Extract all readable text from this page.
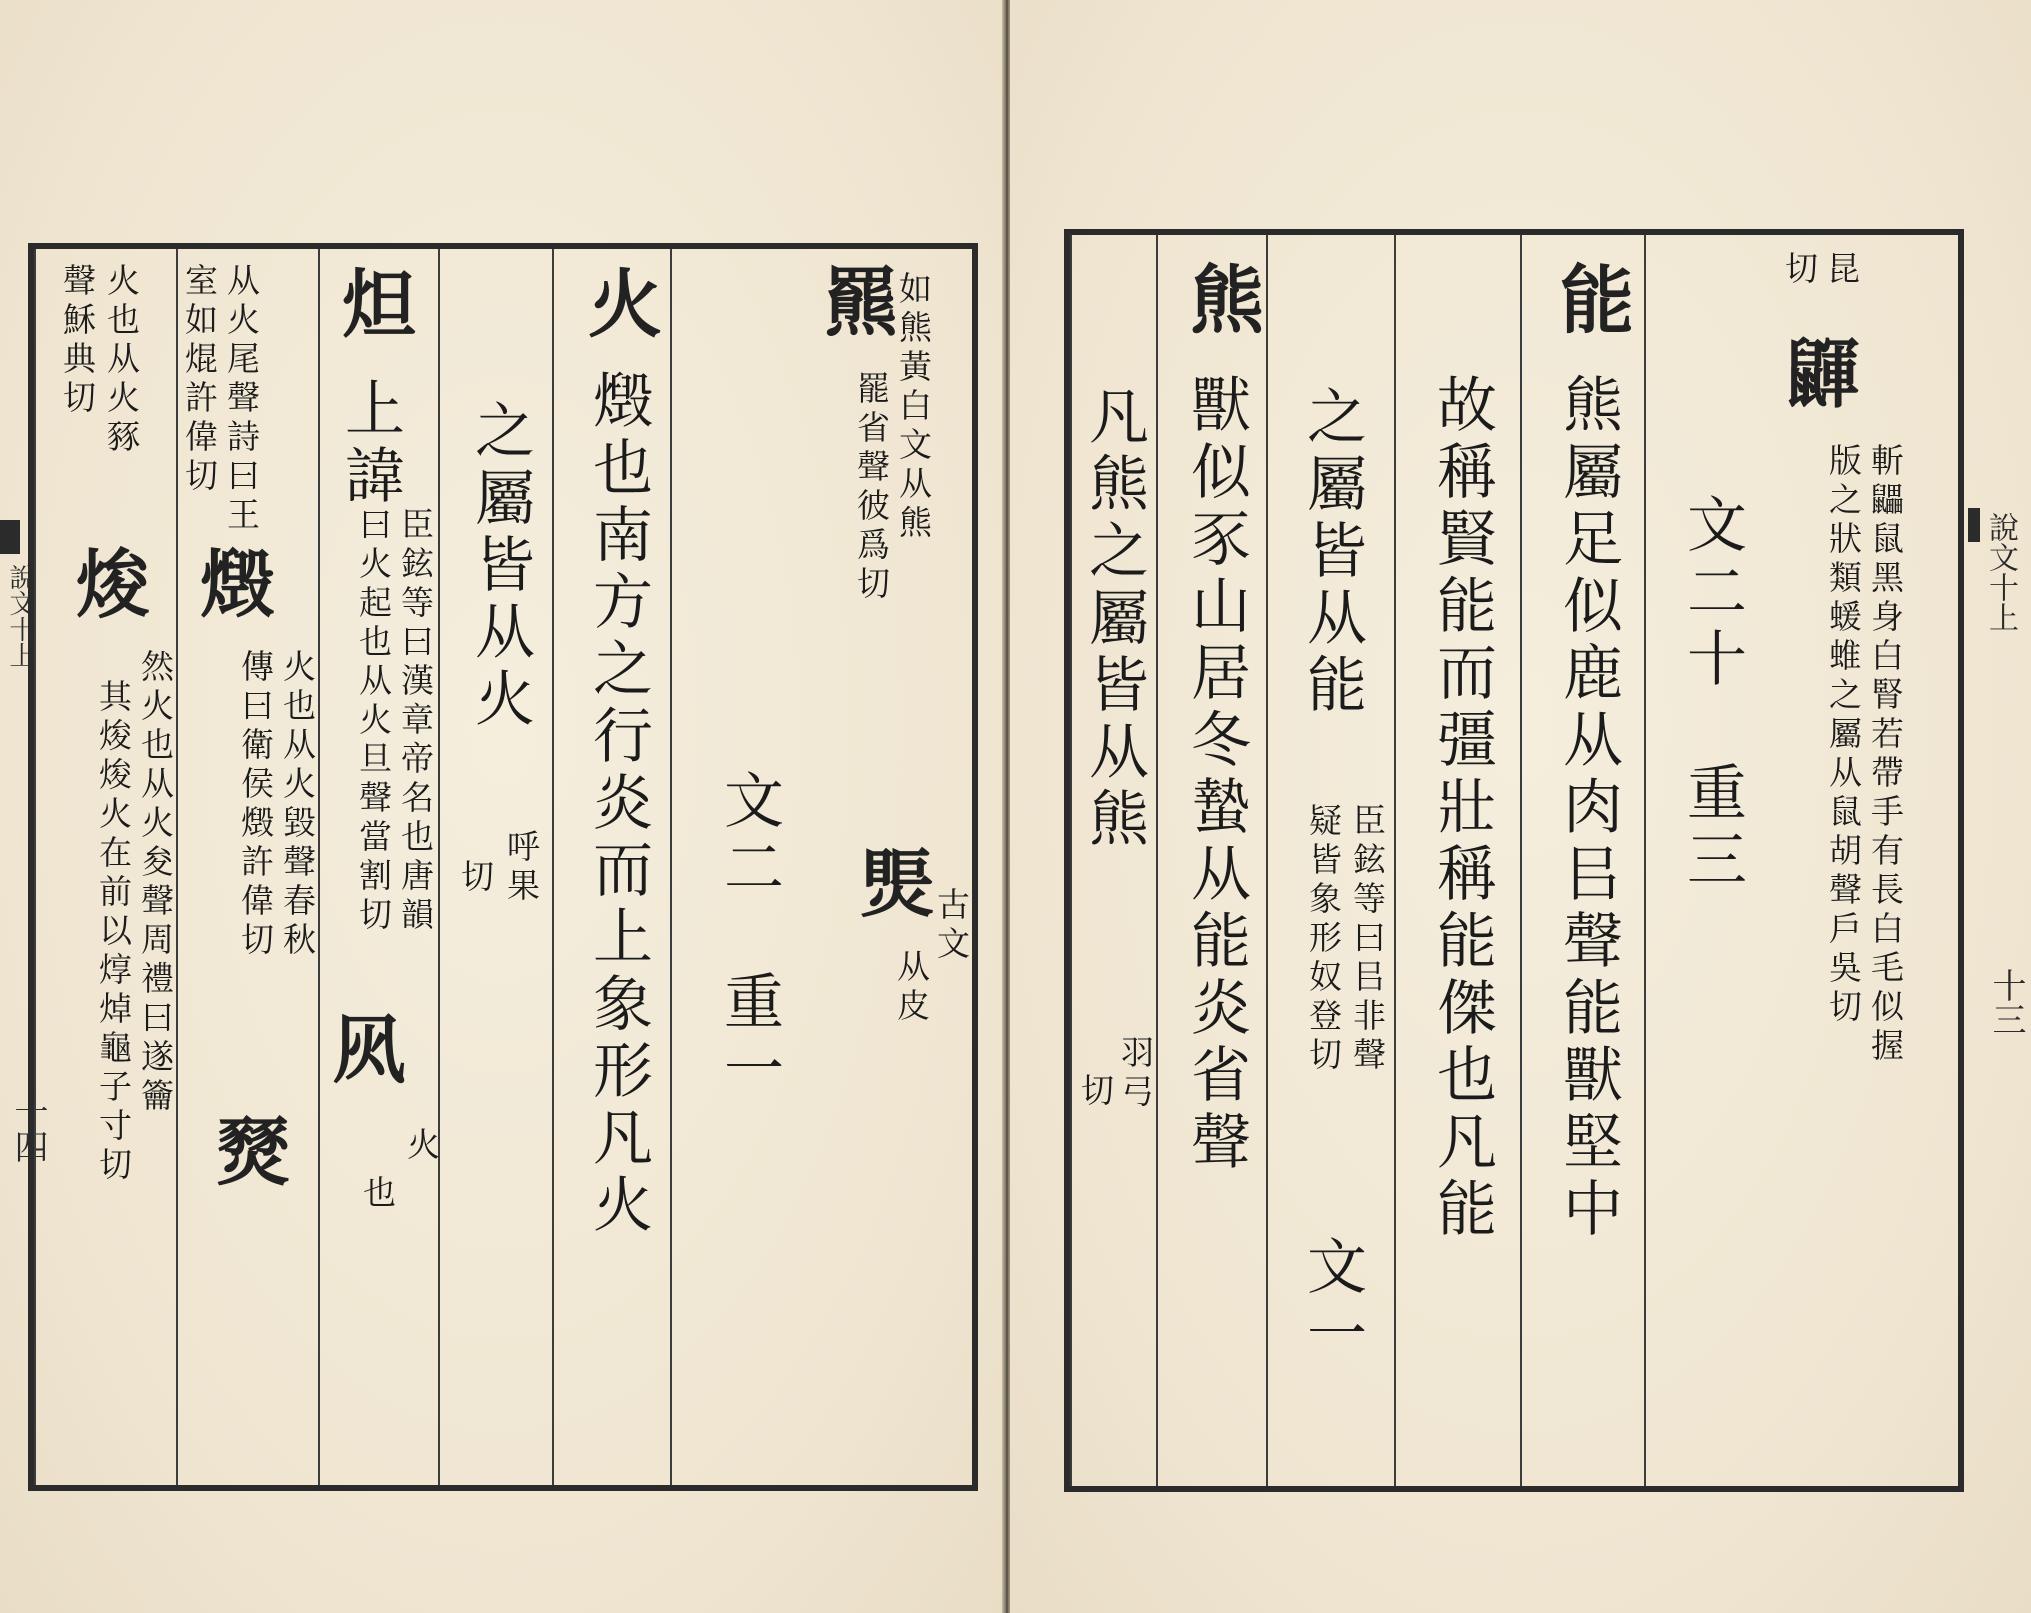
十四
羆
如熊黃白文从熊
罷省聲彼爲切
㷡
古文
从皮
文二　重一
火
燬也南方之行炎而上象形凡火
之屬皆从火
呼果
切
炟
上諱
臣鉉等曰漢章帝名也唐韻
曰火起也从火旦聲當割切
㶡
火
也
从火尾聲詩曰王
室如焜許偉切
燬
火也从火毀聲春秋
傳曰衛侯燬許偉切
燹
火也从火豩
聲穌典切
焌
然火也从火夋聲周禮曰遂籥
其焌焌火在前以焞焯龜子寸切
說文十上
十三
昆
切
鼲
斬鼺鼠黑身白腎若帶手有長白毛似握
版之狀類蝯蜼之屬从鼠胡聲戶吳切
文二十　重三
能
熊屬足似鹿从肉㠯聲能獸堅中
故稱賢能而彊壯稱能傑也凡能
之屬皆从能
臣鉉等曰㠯非聲
疑皆象形奴登切
文一
熊
獸似豕山居冬蟄从能炎省聲
凡熊之屬皆从熊
羽弓
切
說文十上
